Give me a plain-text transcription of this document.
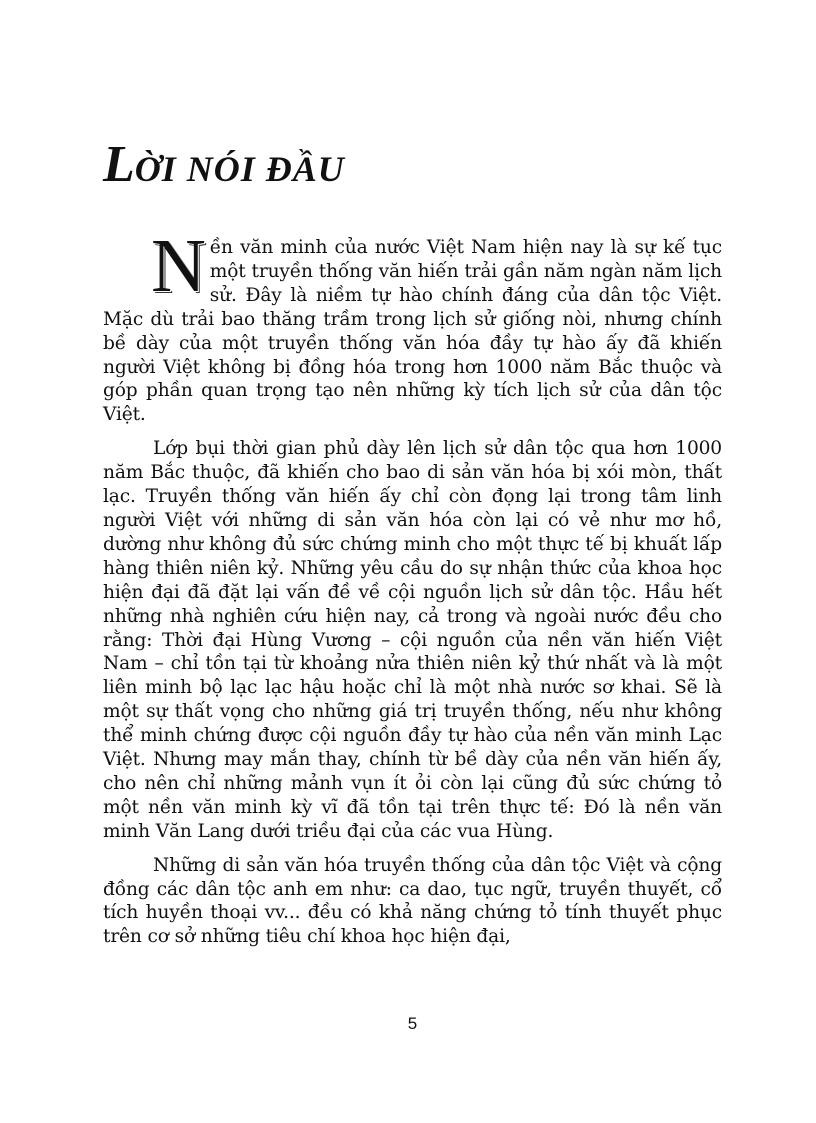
LỜI NÓI ĐẦU

Nền văn minh của nước Việt Nam hiện nay là sự kế tục một truyền thống văn hiến trải gần năm ngàn năm lịch sử. Đây là niềm tự hào chính đáng của dân tộc Việt. Mặc dù trải bao thăng trầm trong lịch sử giống nòi, nhưng chính bề dày của một truyền thống văn hóa đầy tự hào ấy đã khiến người Việt không bị đồng hóa trong hơn 1000 năm Bắc thuộc và góp phần quan trọng tạo nên những kỳ tích lịch sử của dân tộc Việt.

Lớp bụi thời gian phủ dày lên lịch sử dân tộc qua hơn 1000 năm Bắc thuộc, đã khiến cho bao di sản văn hóa bị xói mòn, thất lạc. Truyền thống văn hiến ấy chỉ còn đọng lại trong tâm linh người Việt với những di sản văn hóa còn lại có vẻ như mơ hồ, dường như không đủ sức chứng minh cho một thực tế bị khuất lấp hàng thiên niên kỷ. Những yêu cầu do sự nhận thức của khoa học hiện đại đã đặt lại vấn đề về cội nguồn lịch sử dân tộc. Hầu hết những nhà nghiên cứu hiện nay, cả trong và ngoài nước đều cho rằng: Thời đại Hùng Vương – cội nguồn của nền văn hiến Việt Nam – chỉ tồn tại từ khoảng nửa thiên niên kỷ thứ nhất và là một liên minh bộ lạc lạc hậu hoặc chỉ là một nhà nước sơ khai. Sẽ là một sự thất vọng cho những giá trị truyền thống, nếu như không thể minh chứng được cội nguồn đầy tự hào của nền văn minh Lạc Việt. Nhưng may mắn thay, chính từ bề dày của nền văn hiến ấy, cho nên chỉ những mảnh vụn ít ỏi còn lại cũng đủ sức chứng tỏ một nền văn minh kỳ vĩ đã tồn tại trên thực tế: Đó là nền văn minh Văn Lang dưới triều đại của các vua Hùng.

Những di sản văn hóa truyền thống của dân tộc Việt và cộng đồng các dân tộc anh em như: ca dao, tục ngữ, truyền thuyết, cổ tích huyền thoại vv... đều có khả năng chứng tỏ tính thuyết phục trên cơ sở những tiêu chí khoa học hiện đại,

5
